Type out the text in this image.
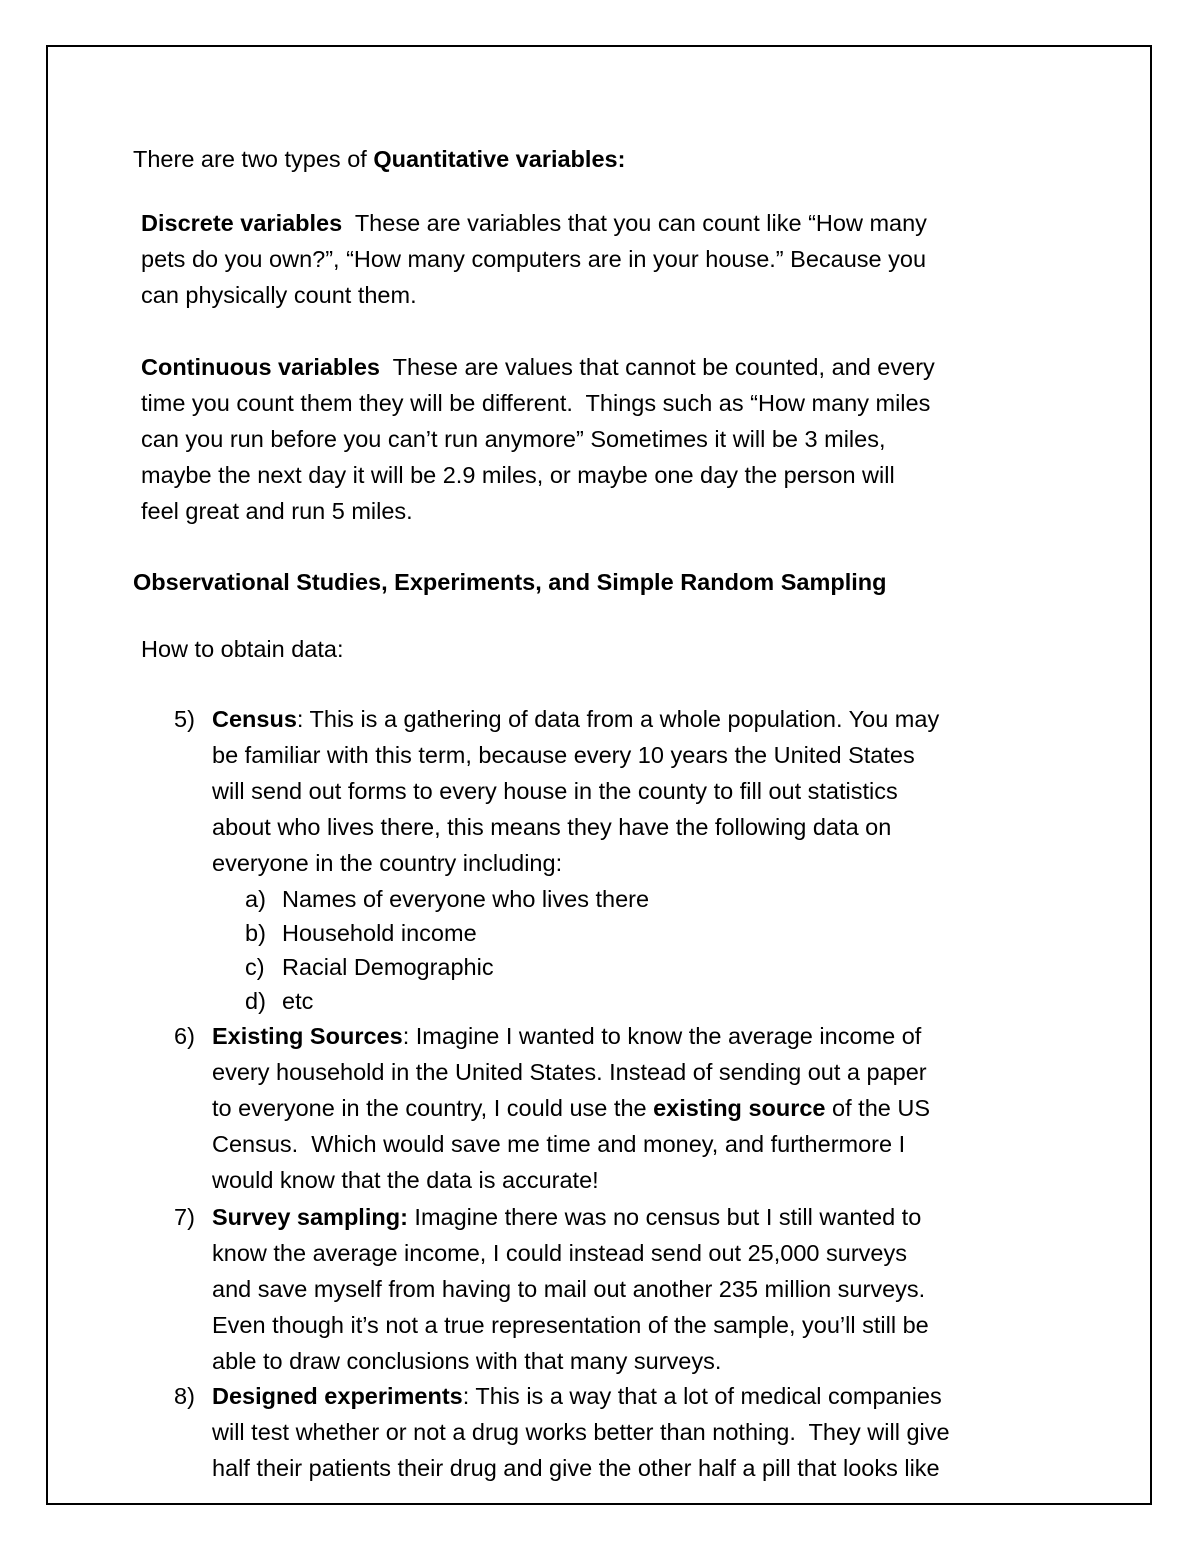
There are two types of Quantitative variables:

Discrete variables  These are variables that you can count like “How many
pets do you own?”, “How many computers are in your house.” Because you
can physically count them.
Continuous variables  These are values that cannot be counted, and every
time you count them they will be different.  Things such as “How many miles
can you run before you can’t run anymore” Sometimes it will be 3 miles,
maybe the next day it will be 2.9 miles, or maybe one day the person will
feel great and run 5 miles.

Observational Studies, Experiments, and Simple Random Sampling

How to obtain data:

5) Census: This is a gathering of data from a whole population. You may
be familiar with this term, because every 10 years the United States
will send out forms to every house in the county to fill out statistics
about who lives there, this means they have the following data on
everyone in the country including:

a) Names of everyone who lives there

b) Household income

c) Racial Demographic

d) etc

6) Existing Sources: Imagine I wanted to know the average income of
every household in the United States. Instead of sending out a paper
to everyone in the country, I could use the existing source of the US
Census.  Which would save me time and money, and furthermore I
would know that the data is accurate!
7) Survey sampling: Imagine there was no census but I still wanted to
know the average income, I could instead send out 25,000 surveys
and save myself from having to mail out another 235 million surveys.
Even though it’s not a true representation of the sample, you’ll still be
able to draw conclusions with that many surveys.
8) Designed experiments: This is a way that a lot of medical companies
will test whether or not a drug works better than nothing.  They will give
half their patients their drug and give the other half a pill that looks like
